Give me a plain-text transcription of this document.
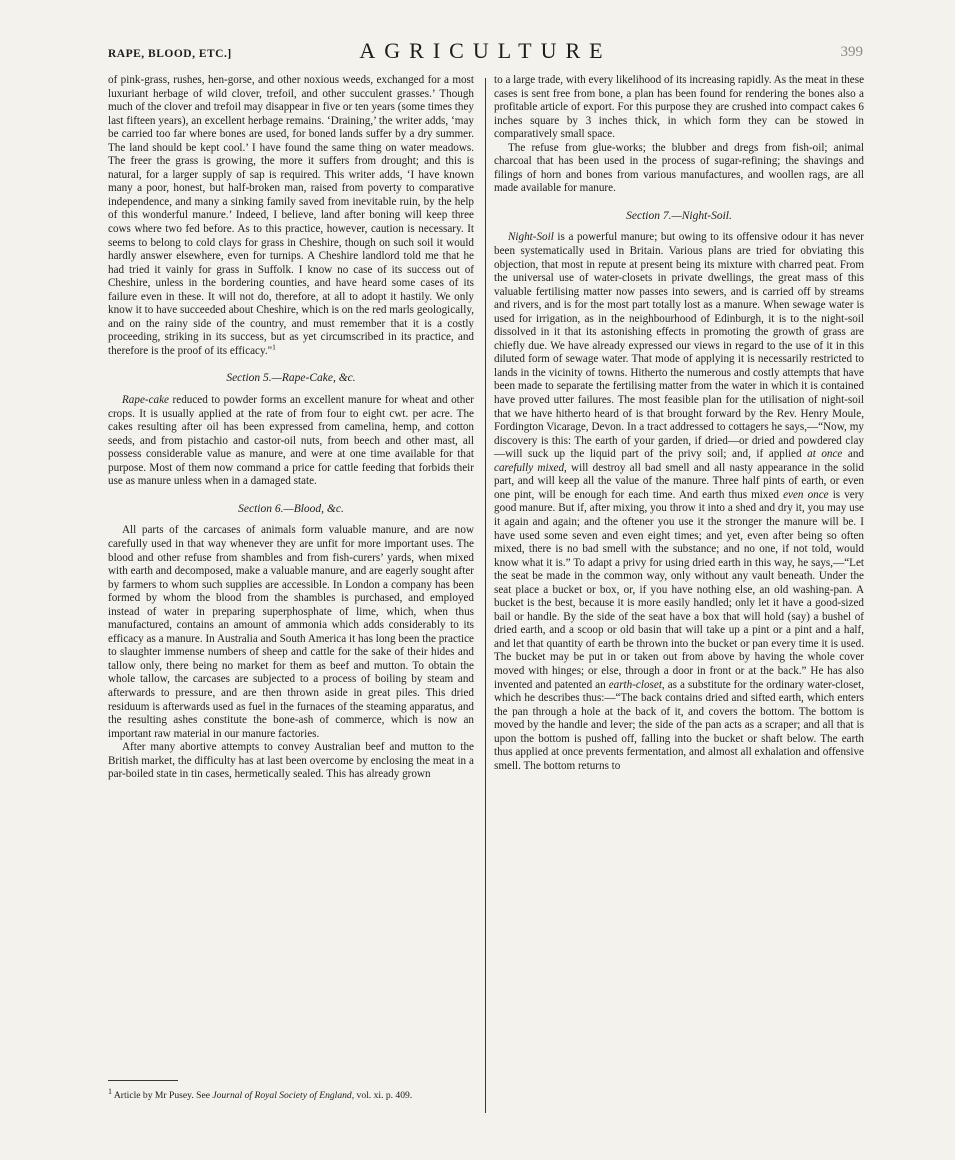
RAPE, BLOOD, ETC.]	AGRICULTURE	399

of pink-grass, rushes, hen-gorse, and other noxious weeds, exchanged for a most luxuriant herbage of wild clover, trefoil, and other succulent grasses.’ Though much of the clover and trefoil may disappear in five or ten years (some times they last fifteen years), an excellent herbage remains. ‘Draining,’ the writer adds, ‘may be carried too far where bones are used, for boned lands suffer by a dry summer. The land should be kept cool.’ I have found the same thing on water meadows. The freer the grass is growing, the more it suffers from drought; and this is natural, for a larger supply of sap is required. This writer adds, ‘I have known many a poor, honest, but half-broken man, raised from poverty to comparative independence, and many a sinking family saved from inevitable ruin, by the help of this wonderful manure.’ Indeed, I believe, land after boning will keep three cows where two fed before. As to this practice, however, caution is necessary. It seems to belong to cold clays for grass in Cheshire, though on such soil it would hardly answer elsewhere, even for turnips. A Cheshire landlord told me that he had tried it vainly for grass in Suffolk. I know no case of its success out of Cheshire, unless in the bordering counties, and have heard some cases of its failure even in these. It will not do, therefore, at all to adopt it hastily. We only know it to have succeeded about Cheshire, which is on the red marls geologically, and on the rainy side of the country, and must remember that it is a costly proceeding, striking in its success, but as yet circumscribed in its practice, and therefore is the proof of its efficacy."$^1$

Section 5.—Rape-Cake, &c.

Rape-cake reduced to powder forms an excellent manure for wheat and other crops. It is usually applied at the rate of from four to eight cwt. per acre. The cakes resulting after oil has been expressed from camelina, hemp, and cotton seeds, and from pistachio and castor-oil nuts, from beech and other mast, all possess considerable value as manure, and were at one time available for that purpose. Most of them now command a price for cattle feeding that forbids their use as manure unless when in a damaged state.

Section 6.—Blood, &c.

All parts of the carcases of animals form valuable manure, and are now carefully used in that way whenever they are unfit for more important uses. The blood and other refuse from shambles and from fish-curers’ yards, when mixed with earth and decomposed, make a valuable manure, and are eagerly sought after by farmers to whom such supplies are accessible. In London a company has been formed by whom the blood from the shambles is purchased, and employed instead of water in preparing superphosphate of lime, which, when thus manufactured, contains an amount of ammonia which adds considerably to its efficacy as a manure. In Australia and South America it has long been the practice to slaughter immense numbers of sheep and cattle for the sake of their hides and tallow only, there being no market for them as beef and mutton. To obtain the whole tallow, the carcases are subjected to a process of boiling by steam and afterwards to pressure, and are then thrown aside in great piles. This dried residuum is afterwards used as fuel in the furnaces of the steaming apparatus, and the resulting ashes constitute the bone-ash of commerce, which is now an important raw material in our manure factories.

After many abortive attempts to convey Australian beef and mutton to the British market, the difficulty has at last been overcome by enclosing the meat in a par-boiled state in tin cases, hermetically sealed. This has already grown

to a large trade, with every likelihood of its increasing rapidly. As the meat in these cases is sent free from bone, a plan has been found for rendering the bones also a profitable article of export. For this purpose they are crushed into compact cakes 6 inches square by 3 inches thick, in which form they can be stowed in comparatively small space.

The refuse from glue-works; the blubber and dregs from fish-oil; animal charcoal that has been used in the process of sugar-refining; the shavings and filings of horn and bones from various manufactures, and woollen rags, are all made available for manure.

Section 7.—Night-Soil.

Night-Soil is a powerful manure; but owing to its offensive odour it has never been systematically used in Britain. Various plans are tried for obviating this objection, that most in repute at present being its mixture with charred peat. From the universal use of water-closets in private dwellings, the great mass of this valuable fertilising matter now passes into sewers, and is carried off by streams and rivers, and is for the most part totally lost as a manure. When sewage water is used for irrigation, as in the neighbourhood of Edinburgh, it is to the night-soil dissolved in it that its astonishing effects in promoting the growth of grass are chiefly due. We have already expressed our views in regard to the use of it in this diluted form of sewage water. That mode of applying it is necessarily restricted to lands in the vicinity of towns. Hitherto the numerous and costly attempts that have been made to separate the fertilising matter from the water in which it is contained have proved utter failures. The most feasible plan for the utilisation of night-soil that we have hitherto heard of is that brought forward by the Rev. Henry Moule, Fordington Vicarage, Devon. In a tract addressed to cottagers he says,—“Now, my discovery is this: The earth of your garden, if dried—or dried and powdered clay—will suck up the liquid part of the privy soil; and, if applied at once and carefully mixed, will destroy all bad smell and all nasty appearance in the solid part, and will keep all the value of the manure. Three half pints of earth, or even one pint, will be enough for each time. And earth thus mixed even once is very good manure. But if, after mixing, you throw it into a shed and dry it, you may use it again and again; and the oftener you use it the stronger the manure will be. I have used some seven and even eight times; and yet, even after being so often mixed, there is no bad smell with the substance; and no one, if not told, would know what it is.” To adapt a privy for using dried earth in this way, he says,—“Let the seat be made in the common way, only without any vault beneath. Under the seat place a bucket or box, or, if you have nothing else, an old washing-pan. A bucket is the best, because it is more easily handled; only let it have a good-sized bail or handle. By the side of the seat have a box that will hold (say) a bushel of dried earth, and a scoop or old basin that will take up a pint or a pint and a half, and let that quantity of earth be thrown into the bucket or pan every time it is used. The bucket may be put in or taken out from above by having the whole cover moved with hinges; or else, through a door in front or at the back.” He has also invented and patented an earth-closet, as a substitute for the ordinary water-closet, which he describes thus:—“The back contains dried and sifted earth, which enters the pan through a hole at the back of it, and covers the bottom. The bottom is moved by the handle and lever; the side of the pan acts as a scraper; and all that is upon the bottom is pushed off, falling into the bucket or shaft below. The earth thus applied at once prevents fermentation, and almost all exhalation and offensive smell. The bottom returns to

$^1$ Article by Mr Pusey. See Journal of Royal Society of England, vol. xi. p. 409.
